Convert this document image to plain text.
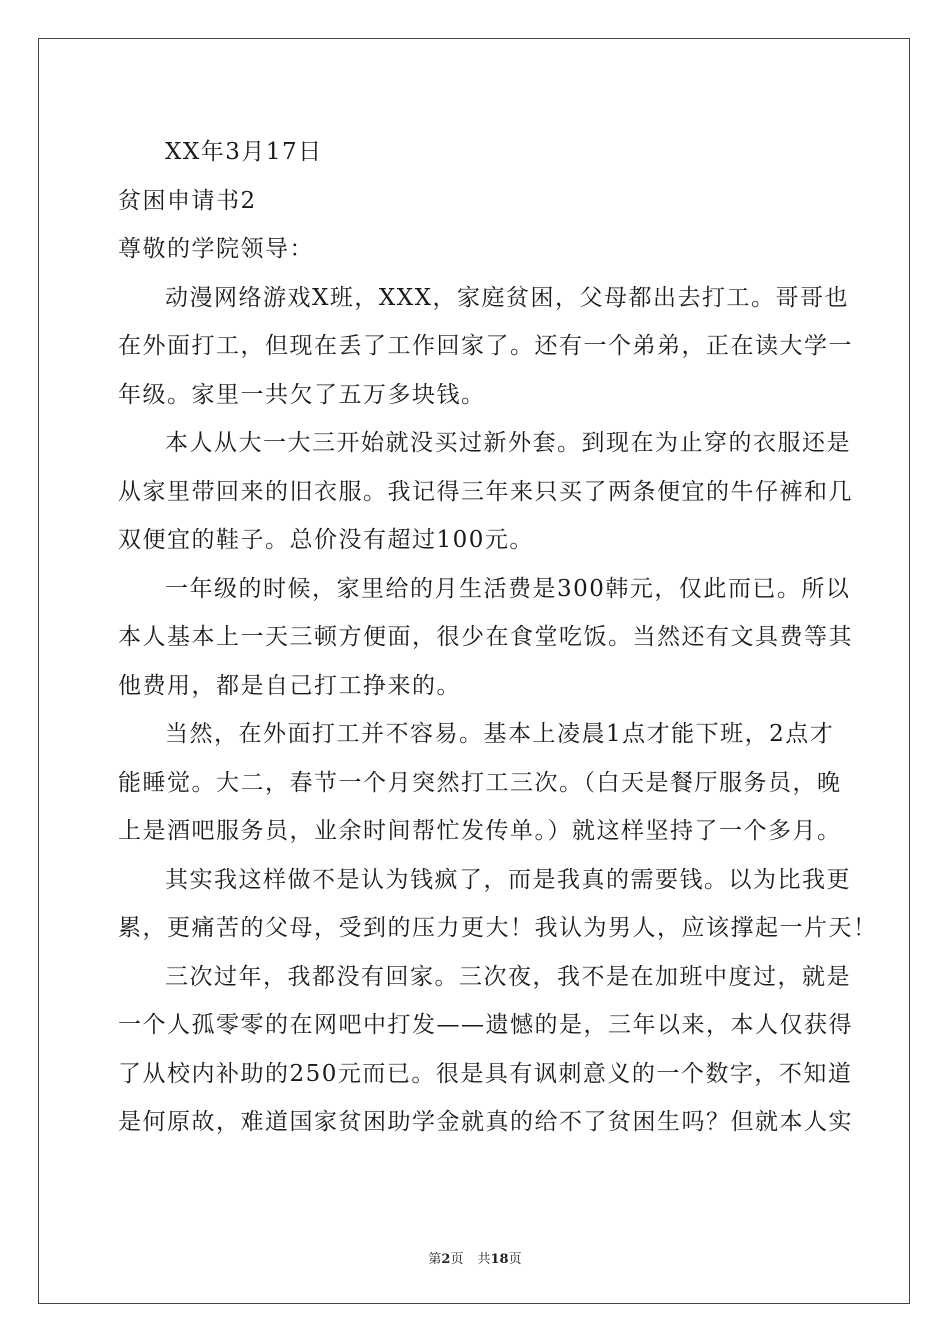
XX年3月17日
贫困申请书2
尊敬的学院领导：
动漫网络游戏X班，XXX，家庭贫困，父母都出去打工。哥哥也
在外面打工，但现在丢了工作回家了。还有一个弟弟，正在读大学一
年级。家里一共欠了五万多块钱。
本人从大一大三开始就没买过新外套。到现在为止穿的衣服还是
从家里带回来的旧衣服。我记得三年来只买了两条便宜的牛仔裤和几
双便宜的鞋子。总价没有超过100元。
一年级的时候，家里给的月生活费是300韩元，仅此而已。所以
本人基本上一天三顿方便面，很少在食堂吃饭。当然还有文具费等其
他费用，都是自己打工挣来的。
当然，在外面打工并不容易。基本上凌晨1点才能下班，2点才
能睡觉。大二，春节一个月突然打工三次。（白天是餐厅服务员，晚
上是酒吧服务员，业余时间帮忙发传单。）就这样坚持了一个多月。
其实我这样做不是认为钱疯了，而是我真的需要钱。以为比我更
累，更痛苦的父母，受到的压力更大！我认为男人，应该撑起一片天！
三次过年，我都没有回家。三次夜，我不是在加班中度过，就是
一个人孤零零的在网吧中打发——遗憾的是，三年以来，本人仅获得
了从校内补助的250元而已。很是具有讽刺意义的一个数字，不知道
是何原故，难道国家贫困助学金就真的给不了贫困生吗？但就本人实
第2页 共18页
